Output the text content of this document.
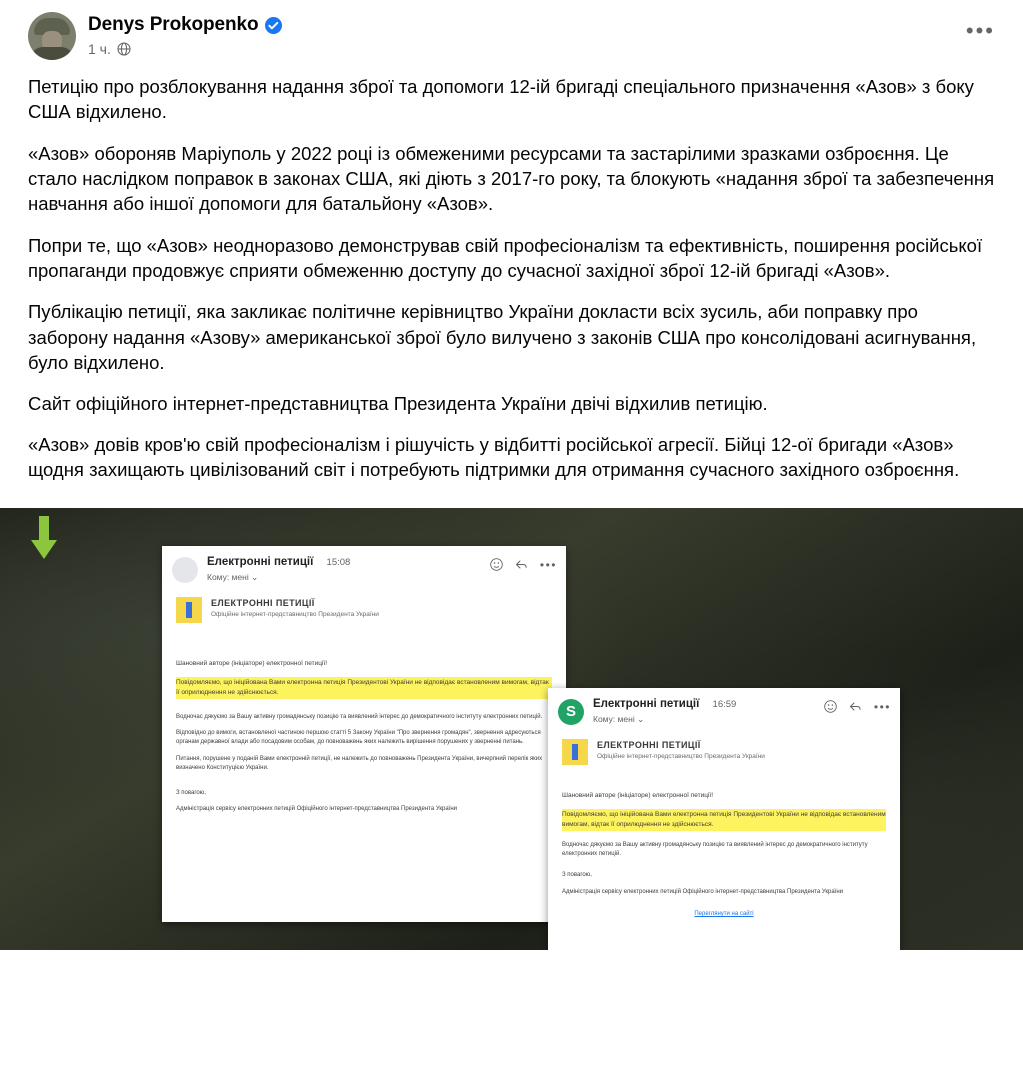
Denys Prokopenko
1 ч.
•••

Петицію про розблокування надання зброї та допомоги 12-ій бригаді спеціального призначення «Азов» з боку США відхилено.

«Азов» обороняв Маріуполь у 2022 році із обмеженими ресурсами та застарілими зразками озброєння. Це стало наслідком поправок в законах США, які діють з 2017-го року, та блокують «надання зброї та забезпечення навчання або іншої допомоги для батальйону «Азов».

Попри те, що «Азов» неодноразово демонстрував свій професіоналізм та ефективність, поширення російської пропаганди продовжує сприяти обмеженню доступу до сучасної західної зброї 12-ій бригаді «Азов».

Публікацію петиції, яка закликає політичне керівництво України докласти всіх зусиль, аби поправку про заборону надання «Азову» американської зброї було вилучено з законів США про консолідовані асигнування, було відхилено.

Сайт офіційного інтернет-представництва Президента України двічі відхилив петицію.

«Азов» довів кров'ю свій професіоналізм і рішучість у відбитті російської агресії. Бійці 12-ої бригади «Азов» щодня захищають цивілізований світ і потребують підтримки для отримання сучасного західного озброєння.

Електронні петиції 15:08
Кому: мені ⌄
•••
ЕЛЕКТРОННІ ПЕТИЦІЇ
Офіційне інтернет-представництво Президента України
Шановний авторе (ініціаторе) електронної петиції!
Повідомляємо, що ініційована Вами електронна петиція Президентові України не відповідає встановленим вимогам, відтак її оприлюднення не здійснюється.
Водночас дякуємо за Вашу активну громадянську позицію та виявлений інтерес до демократичного інституту електронних петицій.
Відповідно до вимоги, встановленої частиною першою статті 5 Закону України "Про звернення громадян", звернення адресуються органам державної влади або посадовим особам, до повноважень яких належить вирішення порушених у зверненні питань.
Питання, порушене у поданій Вами електронній петиції, не належить до повноважень Президента України, вичерпний перелік яких визначено Конституцією України.
З повагою,
Адміністрація сервісу електронних петицій Офіційного інтернет-представництва Президента України
S	Електронні петиції 16:59
Кому: мені ⌄
•••
ЕЛЕКТРОННІ ПЕТИЦІЇ
Офіційне інтернет-представництво Президента України
Шановний авторе (ініціаторе) електронної петиції!
Повідомляємо, що ініційована Вами електронна петиція Президентові України не відповідає встановленим вимогам, відтак її оприлюднення не здійснюється.
Водночас дякуємо за Вашу активну громадянську позицію та виявлений інтерес до демократичного інституту електронних петицій.
З повагою,
Адміністрація сервісу електронних петицій Офіційного інтернет-представництва Президента України
Переглянути на сайті
